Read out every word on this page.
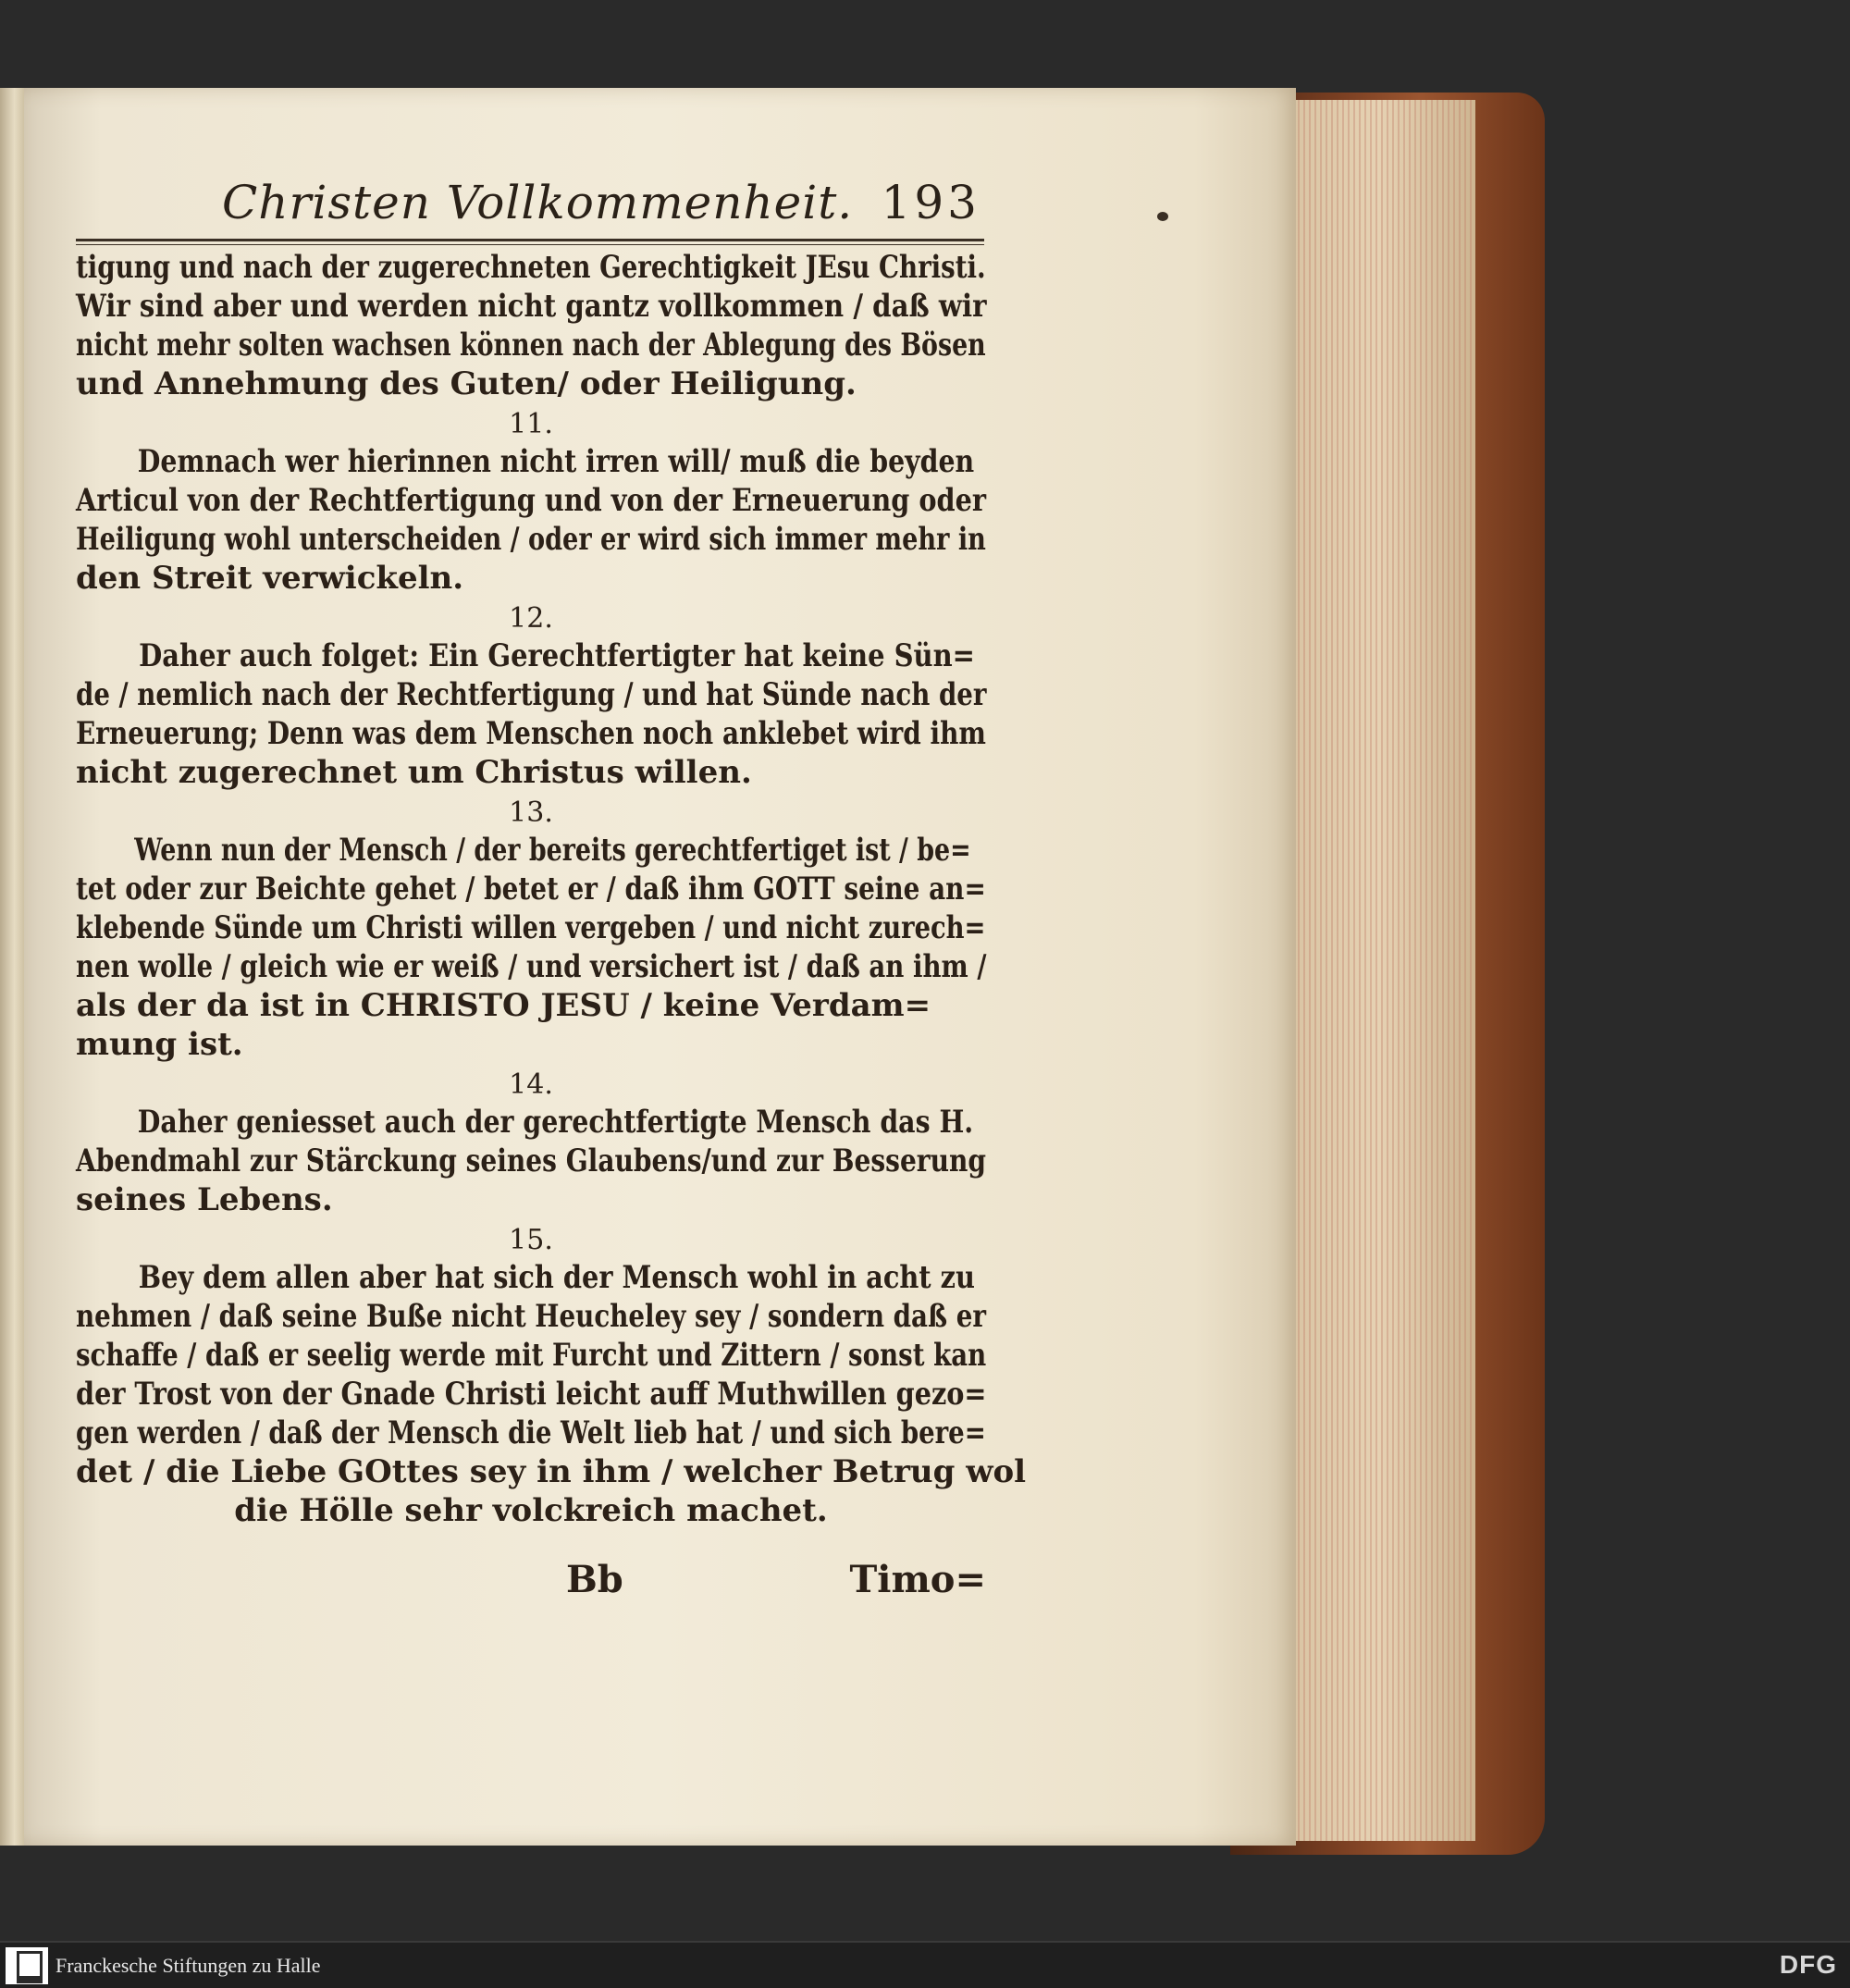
Christen Vollkommenheit. 193
tigung und nach der zugerechneten Gerechtigkeit JEsu Christi.
Wir sind aber und werden nicht gantz vollkommen / daß wir
nicht mehr solten wachsen können nach der Ablegung des Bösen
und Annehmung des Guten/ oder Heiligung.
11.
Demnach wer hierinnen nicht irren will/ muß die beyden
Articul von der Rechtfertigung und von der Erneuerung oder
Heiligung wohl unterscheiden / oder er wird sich immer mehr in
den Streit verwickeln.
12.
Daher auch folget: Ein Gerechtfertigter hat keine Sün=
de / nemlich nach der Rechtfertigung / und hat Sünde nach der
Erneuerung; Denn was dem Menschen noch anklebet wird ihm
nicht zugerechnet um Christus willen.
13.
Wenn nun der Mensch / der bereits gerechtfertiget ist / be=
tet oder zur Beichte gehet / betet er / daß ihm GOTT seine an=
klebende Sünde um Christi willen vergeben / und nicht zurech=
nen wolle / gleich wie er weiß / und versichert ist / daß an ihm /
als der da ist in CHRISTO JESU / keine Verdam=
mung ist.
14.
Daher geniesset auch der gerechtfertigte Mensch das H.
Abendmahl zur Stärckung seines Glaubens/und zur Besserung
seines Lebens.
15.
Bey dem allen aber hat sich der Mensch wohl in acht zu
nehmen / daß seine Buße nicht Heucheley sey / sondern daß er
schaffe / daß er seelig werde mit Furcht und Zittern / sonst kan
der Trost von der Gnade Christi leicht auff Muthwillen gezo=
gen werden / daß der Mensch die Welt lieb hat / und sich bere=
det / die Liebe GOttes sey in ihm / welcher Betrug wol
die Hölle sehr volckreich machet.
Bb	Timo=
Franckesche Stiftungen zu Halle	DFG
